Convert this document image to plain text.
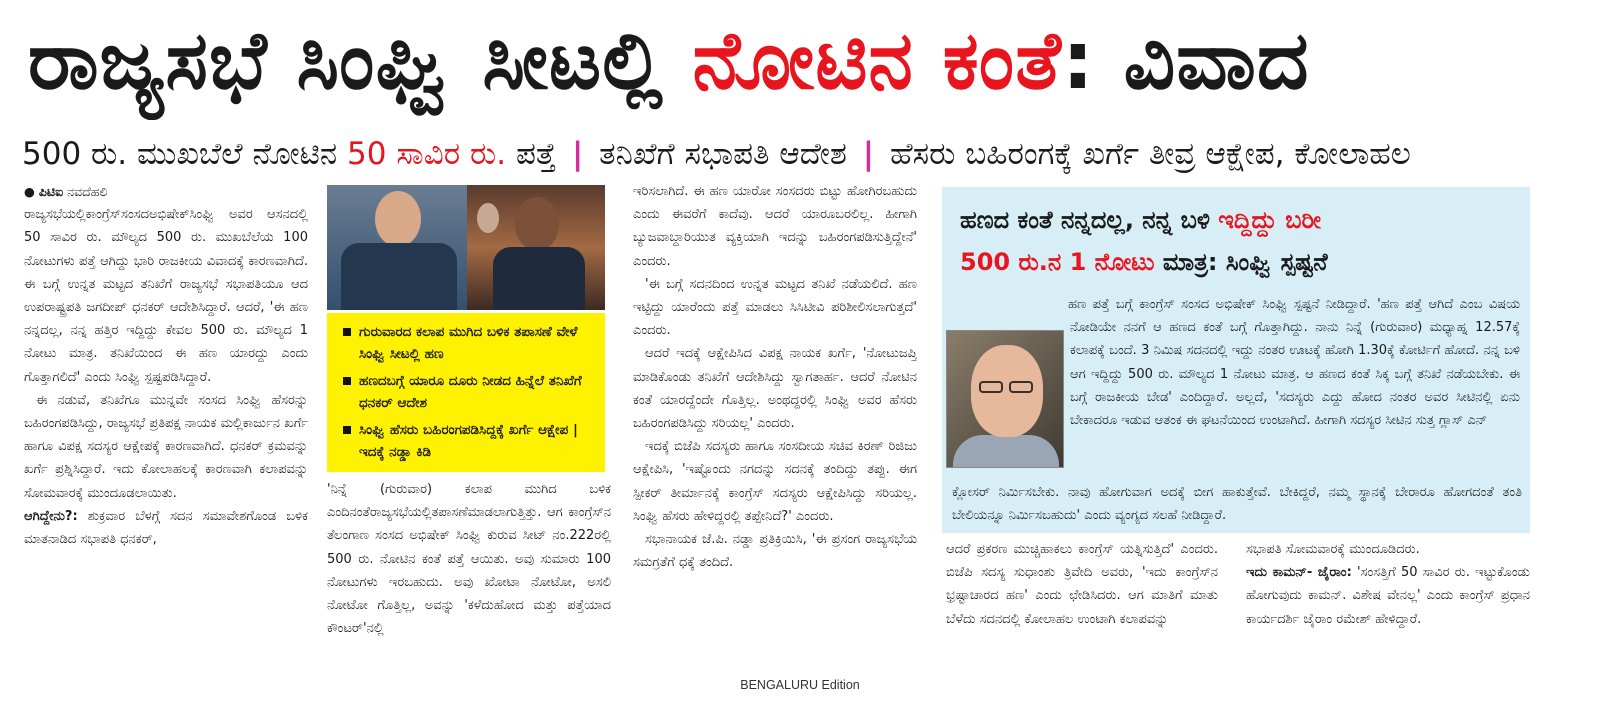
ರಾಜ್ಯಸಭೆ ಸಿಂಘ್ವಿ ಸೀಟಲ್ಲಿ ನೋಟಿನ ಕಂತೆ: ವಿವಾದ
500 ರು. ಮುಖಬೆಲೆ ನೋಟಿನ 50 ಸಾವಿರ ರು. ಪತ್ತೆ | ತನಿಖೆಗೆ ಸಭಾಪತಿ ಆದೇಶ | ಹೆಸರು ಬಹಿರಂಗಕ್ಕೆ ಖರ್ಗೆ ತೀವ್ರ ಆಕ್ಷೇಪ, ಕೋಲಾಹಲ

● ಪಿಟಿಐ ನವದೆಹಲಿ

ರಾಜ್ಯಸಭೆಯಲ್ಲಿಕಾಂಗ್ರೆಸ್‌ಸಂಸದಅಭಿಷೇಕ್‌ಸಿಂಘ್ವಿ ಅವರ ಆಸನದಲ್ಲಿ 50 ಸಾವಿರ ರು. ಮೌಲ್ಯದ 500 ರು. ಮುಖಬೆಲೆಯ 100 ನೋಟುಗಳು ಪತ್ತೆ ಆಗಿದ್ದು ಭಾರಿ ರಾಜಕೀಯ ವಿವಾದಕ್ಕೆ ಕಾರಣವಾಗಿದೆ. ಈ ಬಗ್ಗೆ ಉನ್ನತ ಮಟ್ಟದ ತನಿಖೆಗೆ ರಾಜ್ಯಸಭೆ ಸಭಾಪತಿಯೂ ಆದ ಉಪರಾಷ್ಟ್ರಪತಿ ಜಗದೀಪ್ ಧನಕರ್ ಆದೇಶಿಸಿದ್ದಾರೆ. ಆದರೆ, 'ಈ ಹಣ ನನ್ನದಲ್ಲ, ನನ್ನ ಹತ್ತಿರ ಇದ್ದಿದ್ದು ಕೇವಲ 500 ರು. ಮೌಲ್ಯದ 1 ನೋಟು ಮಾತ್ರ. ತನಿಖೆಯಿಂದ ಈ ಹಣ ಯಾರದ್ದು ಎಂದು ಗೊತ್ತಾಗಲಿದೆ' ಎಂದು ಸಿಂಘ್ವಿ ಸ್ಪಷ್ಟಪಡಿಸಿದ್ದಾರೆ.

ಈ ನಡುವೆ, ತನಿಖೆಗೂ ಮುನ್ನವೇ ಸಂಸದ ಸಿಂಘ್ವಿ ಹೆಸರನ್ನು ಬಹಿರಂಗಪಡಿಸಿದ್ದು, ರಾಜ್ಯಸಭೆ ಪ್ರತಿಪಕ್ಷ ನಾಯಕ ಮಲ್ಲಿಕಾರ್ಜುನ ಖರ್ಗೆ ಹಾಗೂ ವಿಪಕ್ಷ ಸದಸ್ಯರ ಆಕ್ಷೇಪಕ್ಕೆ ಕಾರಣವಾಗಿದೆ. ಧನಕರ್ ಕ್ರಮವನ್ನು ಖರ್ಗೆ ಪ್ರಶ್ನಿಸಿದ್ದಾರೆ. ಇದು ಕೋಲಾಹಲಕ್ಕೆ ಕಾರಣವಾಗಿ ಕಲಾಪವನ್ನು ಸೋಮವಾರಕ್ಕೆ ಮುಂದೂಡಲಾಯಿತು.

ಆಗಿದ್ದೇನು?: ಶುಕ್ರವಾರ ಬೆಳಗ್ಗೆ ಸದನ ಸಮಾವೇಶಗೊಂಡ ಬಳಿಕ ಮಾತನಾಡಿದ ಸಭಾಪತಿ ಧನಕರ್,

ಗುರುವಾರದ ಕಲಾಪ ಮುಗಿದ ಬಳಿಕ ತಪಾಸಣೆ ವೇಳೆ ಸಿಂಘ್ವಿ ಸೀಟಲ್ಲಿ ಹಣ
ಹಣದಬಗ್ಗೆ ಯಾರೂ ದೂರು ನೀಡದ ಹಿನ್ನೆಲೆ ತನಿಖೆಗೆ ಧನಕರ್ ಆದೇಶ
ಸಿಂಘ್ವಿ ಹೆಸರು ಬಹಿರಂಗಪಡಿಸಿದ್ದಕ್ಕೆ ಖರ್ಗೆ ಆಕ್ಷೇಪ | ಇದಕ್ಕೆ ನಡ್ಡಾ ಕಿಡಿ

'ನಿನ್ನೆ (ಗುರುವಾರ) ಕಲಾಪ ಮುಗಿದ ಬಳಿಕ ಎಂದಿನಂತೆರಾಜ್ಯಸಭೆಯಲ್ಲಿತಪಾಸಣೆಮಾಡಲಾಗುತ್ತಿತ್ತು. ಆಗ ಕಾಂಗ್ರೆಸ್‌ನ ತೆಲಂಗಾಣ ಸಂಸದ ಅಭಿಷೇಕ್ ಸಿಂಘ್ವಿ ಕುರುವ ಸೀಟ್ ನಂ.222ರಲ್ಲಿ 500 ರು. ನೋಟಿನ ಕಂತೆ ಪತ್ತೆ ಆಯಿತು. ಅವು ಸುಮಾರು 100 ನೋಟುಗಳು ಇರಬಹುದು. ಅವು ಖೋಟಾ ನೋಟೋ, ಅಸಲಿ ನೋಟೋ ಗೊತ್ತಿಲ್ಲ, ಅವನ್ನು 'ಕಳೆದುಹೋದ ಮತ್ತು ಪತ್ತೆಯಾದ ಕೌಂಟರ್'ನಲ್ಲಿ

ಇರಿಸಲಾಗಿದೆ. ಈ ಹಣ ಯಾರೋ ಸಂಸದರು ಬಿಟ್ಟು ಹೋಗಿರಬಹುದು ಎಂದು ಈವರೆಗೆ ಕಾದೆವು. ಆದರೆ ಯಾರೂಬರಲಿಲ್ಲ. ಹೀಗಾಗಿ ಬ್ಯುಜವಾಬ್ದಾರಿಯುತ ವ್ಯಕ್ತಿಯಾಗಿ ಇದನ್ನು ಬಹಿರಂಗಪಡಿಸುತ್ತಿದ್ದೇನೆ' ಎಂದರು.

'ಈ ಬಗ್ಗೆ ಸದನದಿಂದ ಉನ್ನತ ಮಟ್ಟದ ತನಿಖೆ ನಡೆಯಲಿದೆ. ಹಣ ಇಟ್ಟಿದ್ದು ಯಾರೆಂದು ಪತ್ತೆ ಮಾಡಲು ಸಿಸಿಟೀವಿ ಪರಿಶೀಲಿಸಲಾಗುತ್ತದೆ' ಎಂದರು.

ಆದರೆ ಇದಕ್ಕೆ ಆಕ್ಷೇಪಿಸಿದ ವಿಪಕ್ಷ ನಾಯಕ ಖರ್ಗೆ, 'ನೋಟುಜಪ್ತಿ ಮಾಡಿಕೊಂಡು ತನಿಖೆಗೆ ಆದೇಶಿಸಿದ್ದು ಸ್ವಾಗತಾರ್ಹ. ಆದರೆ ನೋಟಿನ ಕಂತೆ ಯಾರದ್ದೆಂದೇ ಗೊತ್ತಿಲ್ಲ. ಅಂಥದ್ದರಲ್ಲಿ ಸಿಂಘ್ವಿ ಅವರ ಹೆಸರು ಬಹಿರಂಗಪಡಿಸಿದ್ದು ಸರಿಯಲ್ಲ' ಎಂದರು.

ಇದಕ್ಕೆ ಬಿಜೆಪಿ ಸದಸ್ಯರು ಹಾಗೂ ಸಂಸದೀಯ ಸಚಿವ ಕಿರಣ್ ರಿಜಿಜು ಆಕ್ಷೇಪಿಸಿ, 'ಇಷ್ಟೊಂದು ನಗದನ್ನು ಸದನಕ್ಕೆ ತಂದಿದ್ದು ತಪ್ಪು. ಈಗ ಸ್ಪೀಕರ್ ತೀರ್ಮಾನಕ್ಕೆ ಕಾಂಗ್ರೆಸ್ ಸದಸ್ಯರು ಆಕ್ಷೇಪಿಸಿದ್ದು ಸರಿಯಲ್ಲ. ಸಿಂಘ್ವಿ ಹೆಸರು ಹೇಳಿದ್ದರಲ್ಲಿ ತಪ್ಪೇನಿದೆ?' ಎಂದರು.

ಸಭಾನಾಯಕ ಜೆ.ಪಿ. ನಡ್ಡಾ ಪ್ರತಿಕ್ರಿಯಿಸಿ, 'ಈ ಪ್ರಸಂಗ ರಾಜ್ಯಸಭೆಯ ಸಮಗ್ರತೆಗೆ ಧಕ್ಕೆ ತಂದಿದೆ.

ಹಣದ ಕಂತೆ ನನ್ನದಲ್ಲ, ನನ್ನ ಬಳಿ ಇದ್ದಿದ್ದು ಬರೀ
500 ರು.ನ 1 ನೋಟು ಮಾತ್ರ: ಸಿಂಘ್ವಿ ಸ್ಪಷ್ಟನೆ
ಹಣ ಪತ್ತೆ ಬಗ್ಗೆ ಕಾಂಗ್ರೆಸ್ ಸಂಸದ ಅಭಿಷೇಕ್ ಸಿಂಘ್ವಿ ಸ್ಪಷ್ಟನೆ ನೀಡಿದ್ದಾರೆ. 'ಹಣ ಪತ್ತೆ ಆಗಿದೆ ಎಂಬ ವಿಷಯ ನೋಡಿಯೇ ನನಗೆ ಆ ಹಣದ ಕಂತೆ ಬಗ್ಗೆ ಗೊತ್ತಾಗಿದ್ದು. ನಾನು ನಿನ್ನೆ (ಗುರುವಾರ) ಮಧ್ಯಾಹ್ನ 12.57ಕ್ಕೆ ಕಲಾಪಕ್ಕೆ ಬಂದೆ. 3 ನಿಮಿಷ ಸದನದಲ್ಲಿ ಇದ್ದು ನಂತರ ಊಟಕ್ಕೆ ಹೋಗಿ 1.30ಕ್ಕೆ ಕೋರ್ಟಿಗೆ ಹೋದೆ. ನನ್ನ ಬಳಿ ಆಗ ಇದ್ದಿದ್ದು 500 ರು. ಮೌಲ್ಯದ 1 ನೋಟು ಮಾತ್ರ. ಆ ಹಣದ ಕಂತೆ ಸಿಕ್ಕ ಬಗ್ಗೆ ತನಿಖೆ ನಡೆಯಬೇಕು. ಈ ಬಗ್ಗೆ ರಾಜಕೀಯ ಬೇಡ' ಎಂದಿದ್ದಾರೆ. ಅಲ್ಲದೆ, 'ಸದಸ್ಯರು ಎದ್ದು ಹೋದ ನಂತರ ಅವರ ಸೀಟಿನಲ್ಲಿ ಏನು ಬೇಕಾದರೂ ಇಡುವ ಆತಂಕ ಈ ಘಟನೆಯಿಂದ ಉಂಟಾಗಿದೆ. ಹೀಗಾಗಿ ಸದಸ್ಯರ ಸೀಟಿನ ಸುತ್ತ ಗ್ಲಾಸ್ ಎನ್
ಕ್ಲೋಸರ್ ನಿರ್ಮಿಸಬೇಕು. ನಾವು ಹೋಗುವಾಗ ಅದಕ್ಕೆ ಬೀಗ ಹಾಕುತ್ತೇವೆ. ಬೇಕಿದ್ದರೆ, ನಮ್ಮ ಸ್ಥಾನಕ್ಕೆ ಬೇರಾರೂ ಹೋಗದಂತೆ ತಂತಿ ಬೇಲಿಯನ್ನೂ ನಿರ್ಮಿಸಬಹುದು' ಎಂದು ವ್ಯಂಗ್ಯದ ಸಲಹೆ ನೀಡಿದ್ದಾರೆ.

ಆದರೆ ಪ್ರಕರಣ ಮುಚ್ಚಿಹಾಕಲು ಕಾಂಗ್ರೆಸ್ ಯತ್ನಿಸುತ್ತಿದೆ' ಎಂದರು. ಬಿಜೆಪಿ ಸದಸ್ಯ ಸುಧಾಂಶು ತ್ರಿವೇದಿ ಅವರು, 'ಇದು ಕಾಂಗ್ರೆಸ್‌ನ ಭ್ರಷ್ಟಾಚಾರದ ಹಣ' ಎಂದು ಛೇಡಿಸಿದರು. ಆಗ ಮಾತಿಗೆ ಮಾತು ಬೆಳೆದು ಸದನದಲ್ಲಿ ಕೋಲಾಹಲ ಉಂಟಾಗಿ ಕಲಾಪವನ್ನು

ಸಭಾಪತಿ ಸೋಮವಾರಕ್ಕೆ ಮುಂದೂಡಿದರು.

ಇದು ಕಾಮನ್- ಜೈರಾಂ: 'ಸಂಸತ್ತಿಗೆ 50 ಸಾವಿರ ರು. ಇಟ್ಟುಕೊಂಡು ಹೋಗುವುದು ಕಾಮನ್. ವಿಶೇಷ ವೇನಲ್ಲ' ಎಂದು ಕಾಂಗ್ರೆಸ್ ಪ್ರಧಾನ ಕಾರ್ಯದರ್ಶಿ ಜೈರಾಂ ರಮೇಶ್ ಹೇಳಿದ್ದಾರೆ.

BENGALURU Edition
